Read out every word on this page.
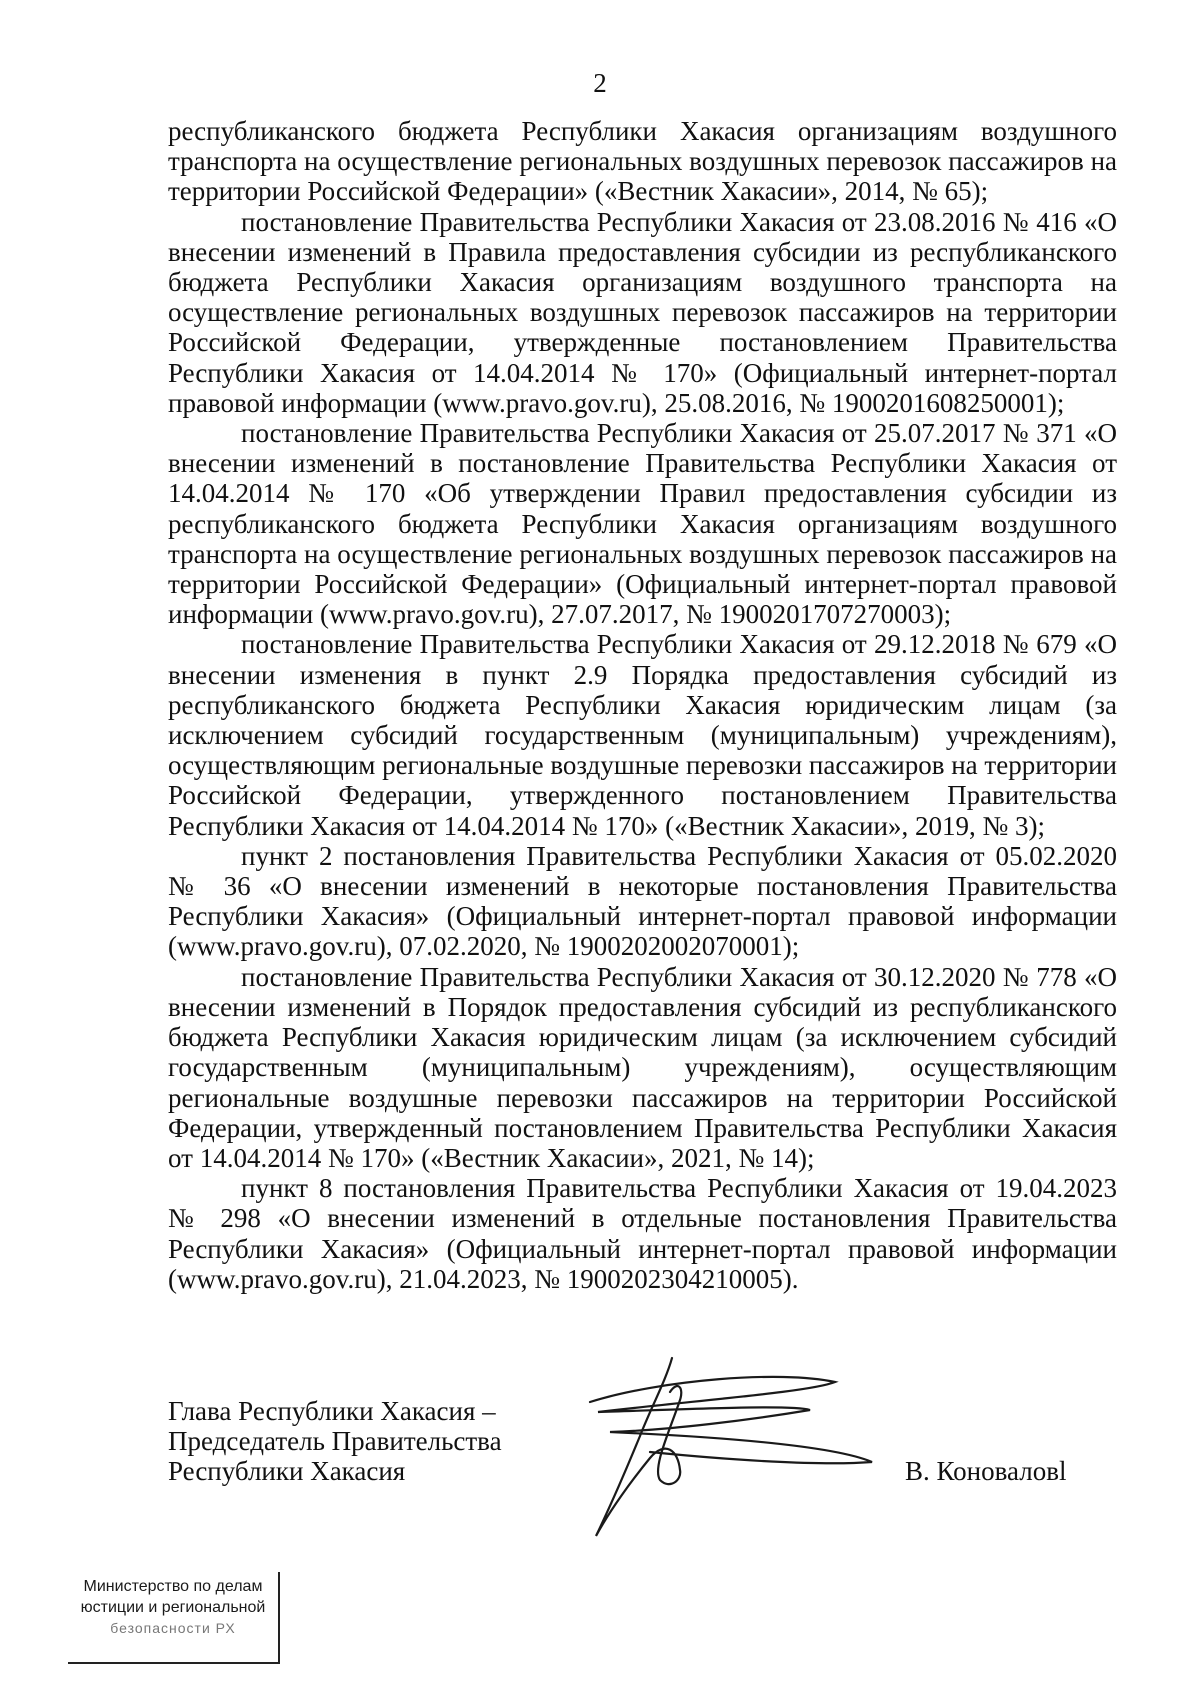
2

республиканского бюджета Республики Хакасия организациям воздушного транспорта на осуществление региональных воздушных перевозок пассажиров на территории Российской Федерации» («Вестник Хакасии», 2014, № 65);

постановление Правительства Республики Хакасия от 23.08.2016 № 416 «О внесении изменений в Правила предоставления субсидии из республиканского бюджета Республики Хакасия организациям воздушного транспорта на осуществление региональных воздушных перевозок пассажиров на территории Российской Федерации, утвержденные постановлением Правительства Республики Хакасия от 14.04.2014 № 170» (Официальный интернет-портал правовой информации (www.pravo.gov.ru), 25.08.2016, № 1900201608250001);

постановление Правительства Республики Хакасия от 25.07.2017 № 371 «О внесении изменений в постановление Правительства Республики Хакасия от 14.04.2014 № 170 «Об утверждении Правил предоставления субсидии из республиканского бюджета Республики Хакасия организациям воздушного транспорта на осуществление региональных воздушных перевозок пассажиров на территории Российской Федерации» (Официальный интернет-портал правовой информации (www.pravo.gov.ru), 27.07.2017, № 1900201707270003);

постановление Правительства Республики Хакасия от 29.12.2018 № 679 «О внесении изменения в пункт 2.9 Порядка предоставления субсидий из республиканского бюджета Республики Хакасия юридическим лицам (за исключением субсидий государственным (муниципальным) учреждениям), осуществляющим региональные воздушные перевозки пассажиров на территории Российской Федерации, утвержденного постановлением Правительства Республики Хакасия от 14.04.2014 № 170» («Вестник Хакасии», 2019, № 3);

пункт 2 постановления Правительства Республики Хакасия от 05.02.2020 № 36 «О внесении изменений в некоторые постановления Правительства Республики Хакасия» (Официальный интернет-портал правовой информации (www.pravo.gov.ru), 07.02.2020, № 1900202002070001);

постановление Правительства Республики Хакасия от 30.12.2020 № 778 «О внесении изменений в Порядок предоставления субсидий из республиканского бюджета Республики Хакасия юридическим лицам (за исключением субсидий государственным (муниципальным) учреждениям), осуществляющим региональные воздушные перевозки пассажиров на территории Российской Федерации, утвержденный постановлением Правительства Республики Хакасия от 14.04.2014 № 170» («Вестник Хакасии», 2021, № 14);

пункт 8 постановления Правительства Республики Хакасия от 19.04.2023 № 298 «О внесении изменений в отдельные постановления Правительства Республики Хакасия» (Официальный интернет-портал правовой информации (www.pravo.gov.ru), 21.04.2023, № 1900202304210005).

Глава Республики Хакасия –
Председатель Правительства
Республики Хакасия	В. Коноваловl
Министерство по делам
юстиции и региональной
безопасности РХ
